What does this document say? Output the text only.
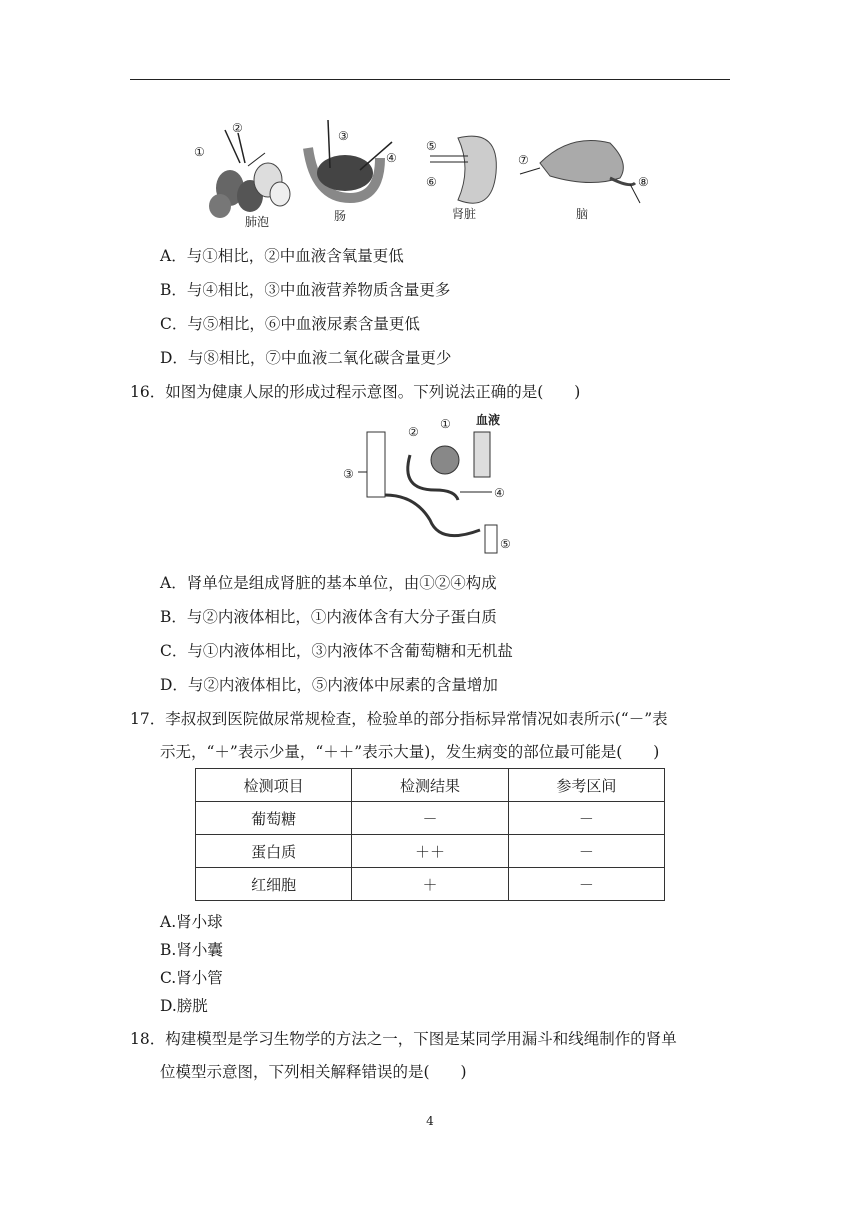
①
②
肺泡
③
④
肠
⑤
⑥
肾脏
⑦
⑧
脑
A．与①相比，②中血液含氧量更低
B．与④相比，③中血液营养物质含量更多
C．与⑤相比，⑥中血液尿素含量更低
D．与⑧相比，⑦中血液二氧化碳含量更少
16．如图为健康人尿的形成过程示意图。下列说法正确的是(　　)
血液
①
②
③
④
⑤
A．肾单位是组成肾脏的基本单位，由①②④构成
B．与②内液体相比，①内液体含有大分子蛋白质
C．与①内液体相比，③内液体不含葡萄糖和无机盐
D．与②内液体相比，⑤内液体中尿素的含量增加
17．李叔叔到医院做尿常规检查，检验单的部分指标异常情况如表所示(“－”表
示无，“＋”表示少量，“＋＋”表示大量)，发生病变的部位最可能是(　　)
检测项目	检测结果	参考区间
葡萄糖	－	－
蛋白质	＋＋	－
红细胞	＋	－
A.肾小球
B.肾小囊
C.肾小管
D.膀胱
18．构建模型是学习生物学的方法之一，下图是某同学用漏斗和线绳制作的肾单
位模型示意图，下列相关解释错误的是(　　)
4
